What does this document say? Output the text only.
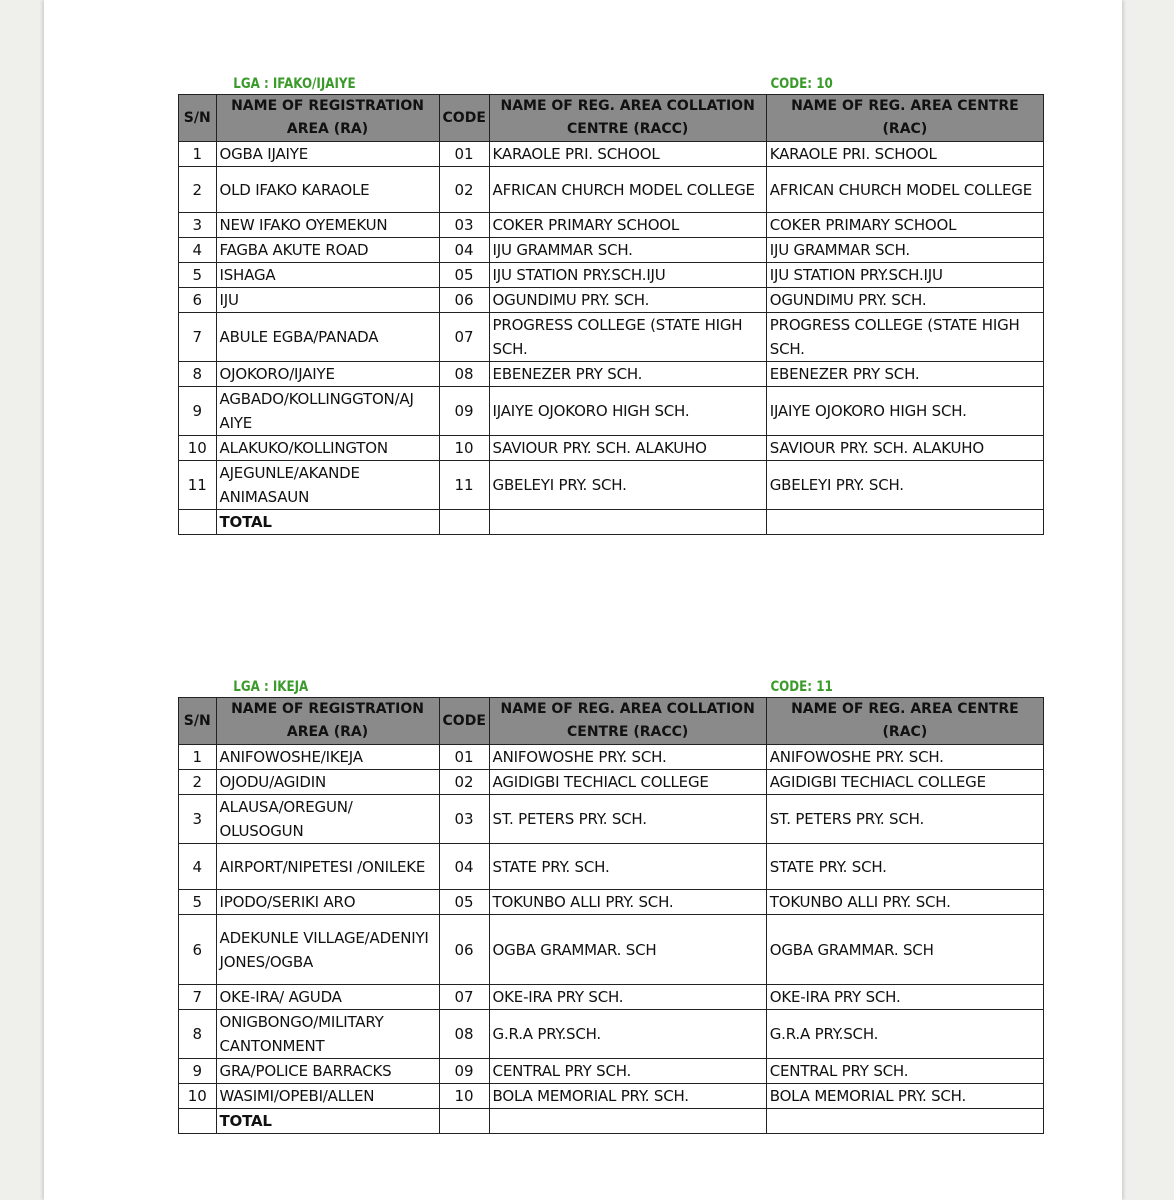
LGA : IFAKO/IJAIYE	CODE: 10
S/N	NAME OF REGISTRATION AREA (RA)	CODE	NAME OF REG. AREA COLLATION CENTRE (RACC)	NAME OF REG. AREA CENTRE (RAC)
1	OGBA IJAIYE	01	KARAOLE PRI. SCHOOL	KARAOLE PRI. SCHOOL
2	OLD IFAKO KARAOLE	02	AFRICAN CHURCH MODEL COLLEGE	AFRICAN CHURCH MODEL COLLEGE
3	NEW IFAKO OYEMEKUN	03	COKER PRIMARY SCHOOL	COKER PRIMARY SCHOOL
4	FAGBA AKUTE ROAD	04	IJU GRAMMAR SCH.	IJU GRAMMAR SCH.
5	ISHAGA	05	IJU STATION PRY.SCH.IJU	IJU STATION PRY.SCH.IJU
6	IJU	06	OGUNDIMU PRY. SCH.	OGUNDIMU PRY. SCH.
7	ABULE EGBA/PANADA	07	PROGRESS COLLEGE (STATE HIGH SCH.	PROGRESS COLLEGE (STATE HIGH SCH.
8	OJOKORO/IJAIYE	08	EBENEZER PRY SCH.	EBENEZER PRY SCH.
9	AGBADO/KOLLINGGTON/AJ AIYE	09	IJAIYE OJOKORO HIGH SCH.	IJAIYE OJOKORO HIGH SCH.
10	ALAKUKO/KOLLINGTON	10	SAVIOUR PRY. SCH. ALAKUHO	SAVIOUR PRY. SCH. ALAKUHO
11	AJEGUNLE/AKANDE ANIMASAUN	11	GBELEYI PRY. SCH.	GBELEYI PRY. SCH.
	TOTAL			
LGA : IKEJA	CODE: 11
S/N	NAME OF REGISTRATION AREA (RA)	CODE	NAME OF REG. AREA COLLATION CENTRE (RACC)	NAME OF REG. AREA CENTRE (RAC)
1	ANIFOWOSHE/IKEJA	01	ANIFOWOSHE PRY. SCH.	ANIFOWOSHE PRY. SCH.
2	OJODU/AGIDIN	02	AGIDIGBI TECHIACL COLLEGE	AGIDIGBI TECHIACL COLLEGE
3	ALAUSA/OREGUN/ OLUSOGUN	03	ST. PETERS PRY. SCH.	ST. PETERS PRY. SCH.
4	AIRPORT/NIPETESI /ONILEKE	04	STATE PRY. SCH.	STATE PRY. SCH.
5	IPODO/SERIKI ARO	05	TOKUNBO ALLI PRY. SCH.	TOKUNBO ALLI PRY. SCH.
6	ADEKUNLE VILLAGE/ADENIYI JONES/OGBA	06	OGBA GRAMMAR. SCH	OGBA GRAMMAR. SCH
7	OKE-IRA/ AGUDA	07	OKE-IRA PRY SCH.	OKE-IRA PRY SCH.
8	ONIGBONGO/MILITARY CANTONMENT	08	G.R.A PRY.SCH.	G.R.A PRY.SCH.
9	GRA/POLICE BARRACKS	09	CENTRAL PRY SCH.	CENTRAL PRY SCH.
10	WASIMI/OPEBI/ALLEN	10	BOLA MEMORIAL PRY. SCH.	BOLA MEMORIAL PRY. SCH.
	TOTAL			
